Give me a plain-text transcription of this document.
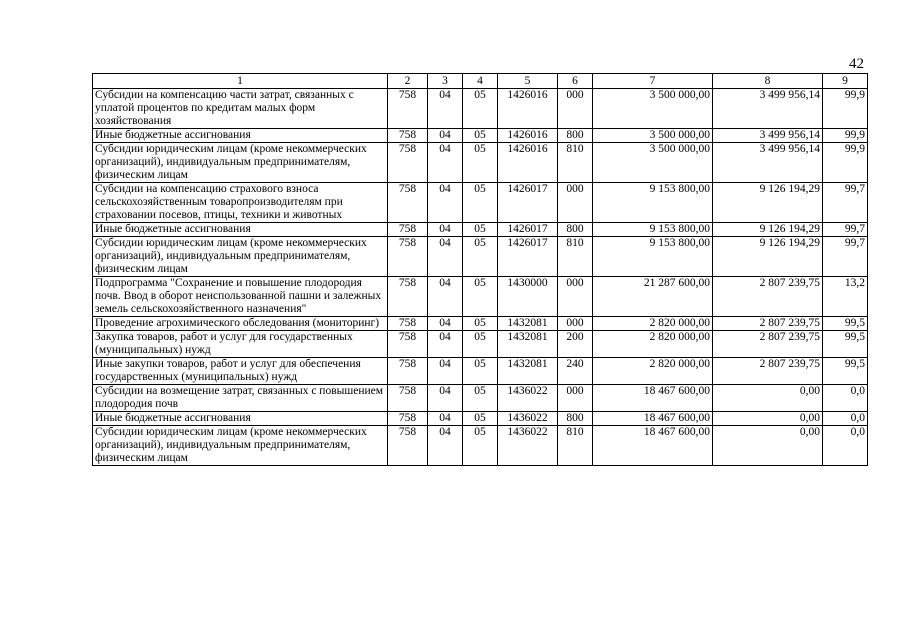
42
1	2	3	4	5	6	7	8	9
Субсидии на компенсацию части затрат, связанных с уплатой процентов по кредитам малых форм хозяйствования	758	04	05	1426016	000	3 500 000,00	3 499 956,14	99,9
Иные бюджетные ассигнования	758	04	05	1426016	800	3 500 000,00	3 499 956,14	99,9
Субсидии юридическим лицам (кроме некоммерческих организаций), индивидуальным предпринимателям, физическим лицам	758	04	05	1426016	810	3 500 000,00	3 499 956,14	99,9
Субсидии на компенсацию страхового взноса сельскохозяйственным товаропроизводителям при страховании посевов, птицы, техники и животных	758	04	05	1426017	000	9 153 800,00	9 126 194,29	99,7
Иные бюджетные ассигнования	758	04	05	1426017	800	9 153 800,00	9 126 194,29	99,7
Субсидии юридическим лицам (кроме некоммерческих организаций), индивидуальным предпринимателям, физическим лицам	758	04	05	1426017	810	9 153 800,00	9 126 194,29	99,7
Подпрограмма "Сохранение и повышение плодородия почв. Ввод в оборот неиспользованной пашни и залежных земель сельскохозяйственного назначения"	758	04	05	1430000	000	21 287 600,00	2 807 239,75	13,2
Проведение агрохимического обследования (мониторинг)	758	04	05	1432081	000	2 820 000,00	2 807 239,75	99,5
Закупка товаров, работ и услуг для государственных (муниципальных) нужд	758	04	05	1432081	200	2 820 000,00	2 807 239,75	99,5
Иные закупки товаров, работ и услуг для обеспечения государственных (муниципальных) нужд	758	04	05	1432081	240	2 820 000,00	2 807 239,75	99,5
Субсидии на возмещение затрат, связанных с повышением плодородия почв	758	04	05	1436022	000	18 467 600,00	0,00	0,0
Иные бюджетные ассигнования	758	04	05	1436022	800	18 467 600,00	0,00	0,0
Субсидии юридическим лицам (кроме некоммерческих организаций), индивидуальным предпринимателям, физическим лицам	758	04	05	1436022	810	18 467 600,00	0,00	0,0
